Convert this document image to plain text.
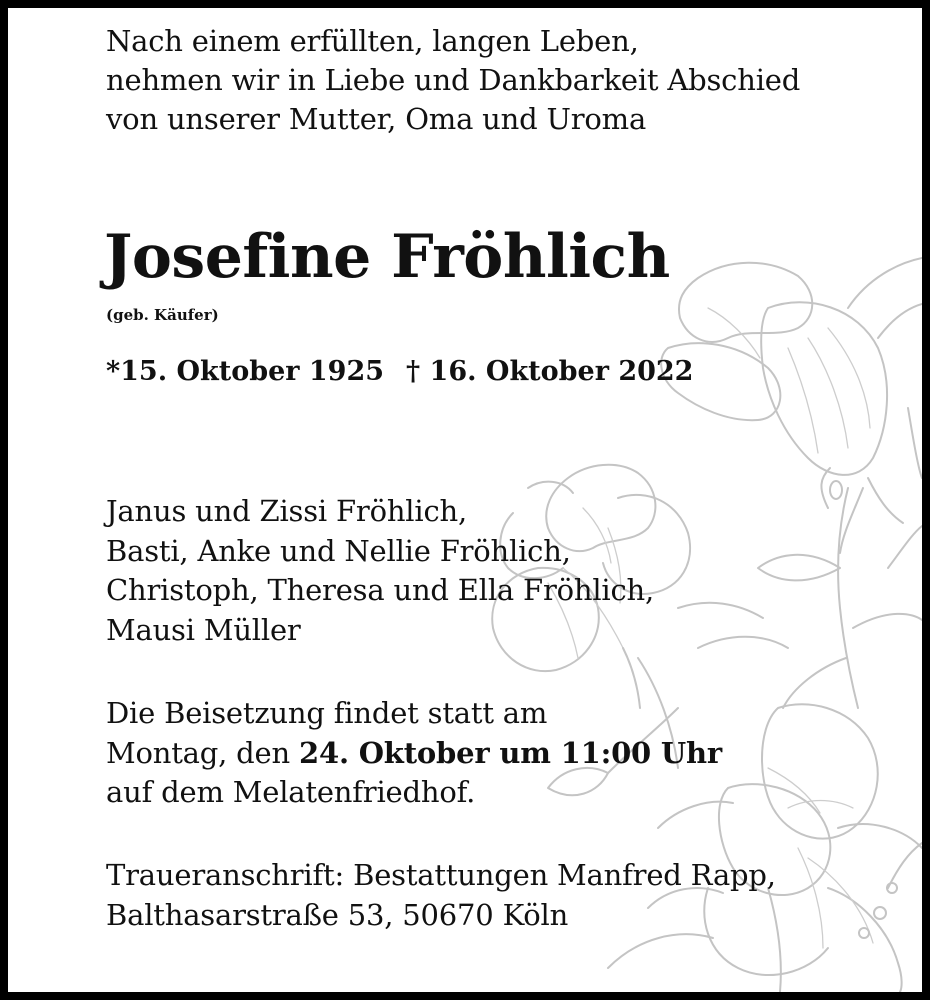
Nach einem erfüllten, langen Leben,
nehmen wir in Liebe und Dankbarkeit Abschied
von unserer Mutter, Oma und Uroma
Josefine Fröhlich
(geb. Käufer)
*15. Oktober 1925 † 16. Oktober 2022
Janus und Zissi Fröhlich,
Basti, Anke und Nellie Fröhlich,
Christoph, Theresa und Ella Fröhlich,
Mausi Müller
Die Beisetzung findet statt am
Montag, den 24. Oktober um 11:00 Uhr
auf dem Melatenfriedhof.
Traueranschrift: Bestattungen Manfred Rapp,
Balthasarstraße 53, 50670 Köln
